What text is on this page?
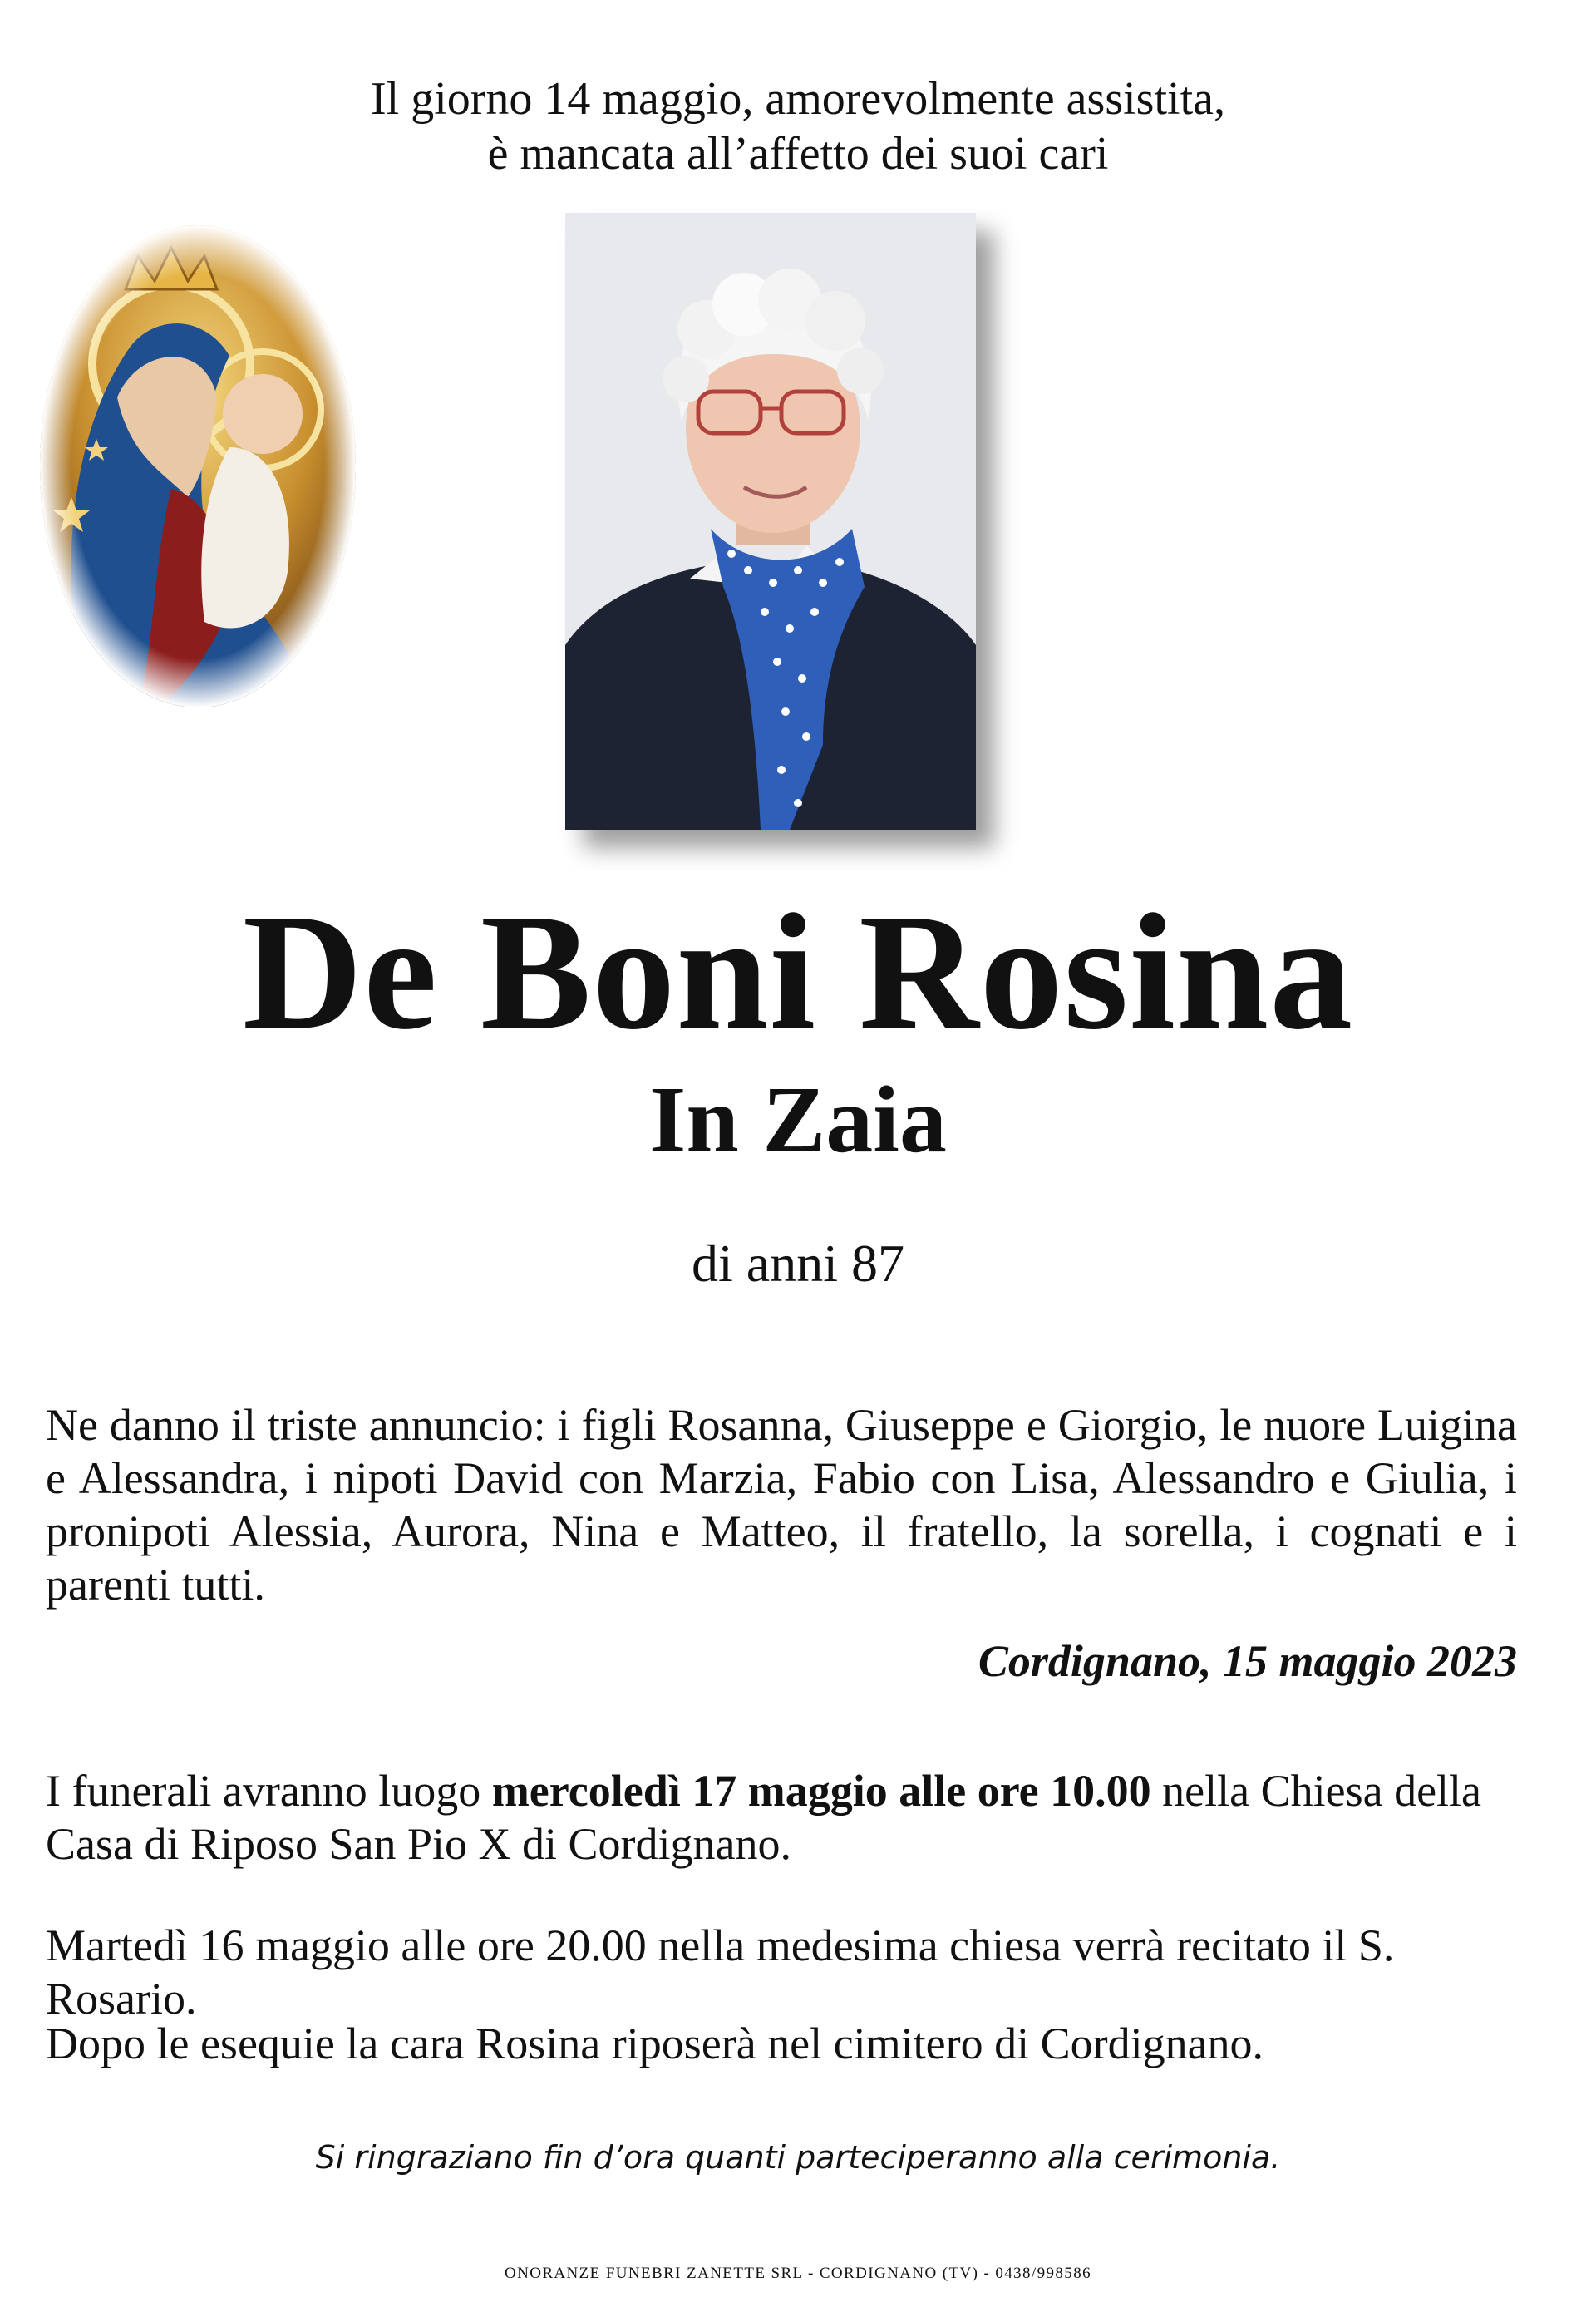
Il giorno 14 maggio, amorevolmente assistita,
è mancata all’affetto dei suoi cari
De Boni Rosina
In Zaia
di anni 87
Ne danno il triste annuncio: i figli Rosanna, Giuseppe e Giorgio, le nuore Luigina e Alessandra, i nipoti David con Marzia, Fabio con Lisa, Alessandro e Giulia, i pronipoti Alessia, Aurora, Nina e Matteo, il fratello, la sorella, i cognati e i parenti tutti.
Cordignano, 15 maggio 2023
I funerali avranno luogo mercoledì 17 maggio alle ore 10.00 nella Chiesa della Casa di Riposo San Pio X di Cordignano.
Martedì 16 maggio alle ore 20.00 nella medesima chiesa verrà recitato il S. Rosario.
Dopo le esequie la cara Rosina riposerà nel cimitero di Cordignano.
Si ringraziano fin d’ora quanti parteciperanno alla cerimonia.
ONORANZE FUNEBRI ZANETTE SRL - CORDIGNANO (TV) - 0438/998586
